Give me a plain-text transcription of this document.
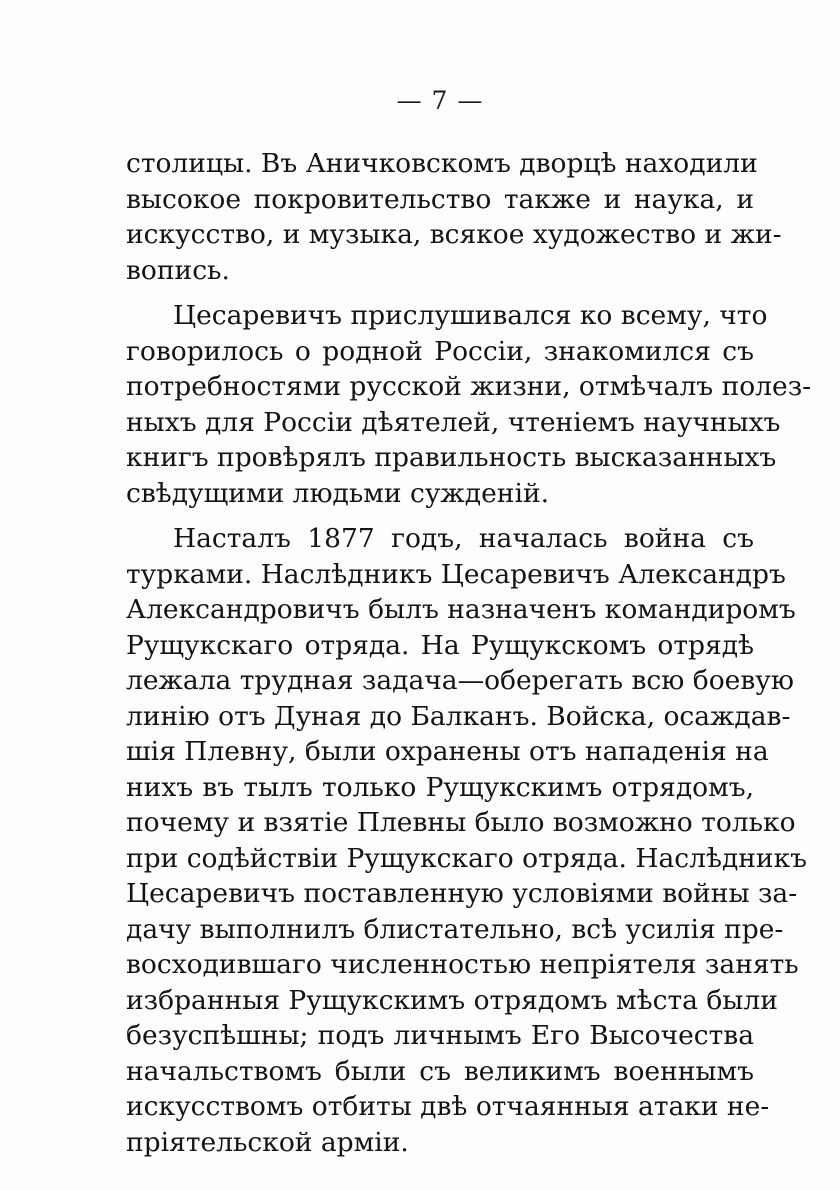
— 7 —
столицы. Въ Аничковскомъ дворцѣ находили
высокое покровительство также и наука, и
искусство, и музыка, всякое художество и жи-
вопись.
Цесаревичъ прислушивался ко всему, что
говорилось о родной Россіи, знакомился съ
потребностями русской жизни, отмѣчалъ полез-
ныхъ для Россіи дѣятелей, чтеніемъ научныхъ
книгъ провѣрялъ правильность высказанныхъ
свѣдущими людьми сужденій.
Насталъ 1877 годъ, началась война съ
турками. Наслѣдникъ Цесаревичъ Александръ
Александровичъ былъ назначенъ командиромъ
Рущукскаго отряда. На Рущукскомъ отрядѣ
лежала трудная задача—оберегать всю боевую
линію отъ Дуная до Балканъ. Войска, осаждав-
шія Плевну, были охранены отъ нападенія на
нихъ въ тылъ только Рущукскимъ отрядомъ,
почему и взятіе Плевны было возможно только
при содѣйствіи Рущукскаго отряда. Наслѣдникъ
Цесаревичъ поставленную условіями войны за-
дачу выполнилъ блистательно, всѣ усилія пре-
восходившаго численностью непріятеля занять
избранныя Рущукскимъ отрядомъ мѣста были
безуспѣшны; подъ личнымъ Его Высочества
начальствомъ были съ великимъ военнымъ
искусствомъ отбиты двѣ отчаянныя атаки не-
пріятельской арміи.
